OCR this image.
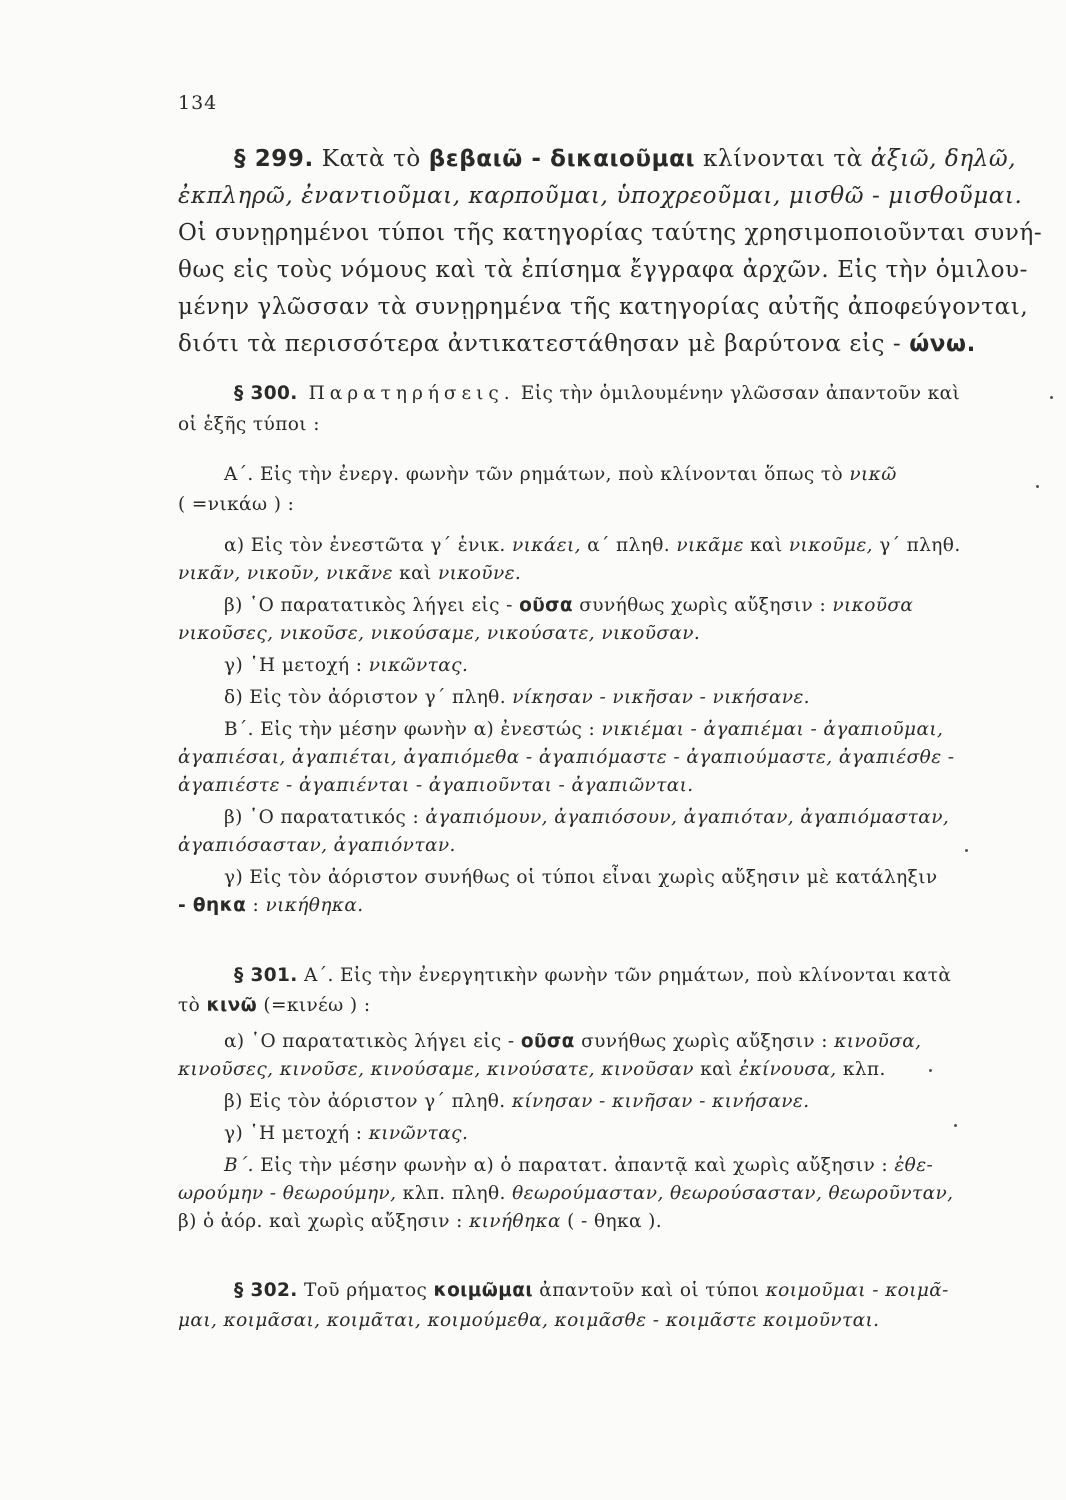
134
§ 299. Κατὰ τὸ βεβαιῶ - δικαιοῦμαι κλίνονται τὰ ἀξιῶ, δηλῶ,
ἐκπληρῶ, ἐναντιοῦμαι, καρποῦμαι, ὑποχρεοῦμαι, μισθῶ - μισθοῦμαι.
Οἱ συνῃρημένοι τύποι τῆς κατηγορίας ταύτης χρησιμοποιοῦνται συνή-
θως εἰς τοὺς νόμους καὶ τὰ ἐπίσημα ἔγγραφα ἀρχῶν. Εἰς τὴν ὁμιλου-
μένην γλῶσσαν τὰ συνῃρημένα τῆς κατηγορίας αὐτῆς ἀποφεύγονται,
διότι τὰ περισσότερα ἀντικατεστάθησαν μὲ βαρύτονα εἰς - ώνω.
§ 300. Παρατηρήσεις. Εἰς τὴν ὁμιλουμένην γλῶσσαν ἀπαντοῦν καὶ
οἱ ἑξῆς τύποι :
Α΄. Εἰς τὴν ἐνεργ. φωνὴν τῶν ρημάτων, ποὺ κλίνονται ὅπως τὸ νικῶ
( =νικάω ) :
α) Εἰς τὸν ἐνεστῶτα γ΄ ἑνικ. νικάει, α΄ πληθ. νικᾶμε καὶ νικοῦμε, γ΄ πληθ.
νικᾶν, νικοῦν, νικᾶνε καὶ νικοῦνε.
β) ῾Ο παρατατικὸς λήγει εἰς - οῦσα συνήθως χωρὶς αὔξησιν : νικοῦσα
νικοῦσες, νικοῦσε, νικούσαμε, νικούσατε, νικοῦσαν.
γ) ῾Η μετοχή : νικῶντας.
δ) Εἰς τὸν ἀόριστον γ΄ πληθ. νίκησαν - νικῆσαν - νικήσανε.
Β΄. Εἰς τὴν μέσην φωνὴν α) ἐνεστώς : νικιέμαι - ἀγαπιέμαι - ἀγαπιοῦμαι,
ἀγαπιέσαι, ἀγαπιέται, ἀγαπιόμεθα - ἀγαπιόμαστε - ἀγαπιούμαστε, ἀγαπιέσθε -
ἀγαπιέστε - ἀγαπιένται - ἀγαπιοῦνται - ἀγαπιῶνται.
β) ῾Ο παρατατικός : ἀγαπιόμουν, ἀγαπιόσουν, ἀγαπιόταν, ἀγαπιόμασταν,
ἀγαπιόσασταν, ἀγαπιόνταν.
γ) Εἰς τὸν ἀόριστον συνήθως οἱ τύποι εἶναι χωρὶς αὔξησιν μὲ κατάληξιν
- θηκα : νικήθηκα.
§ 301. Α΄. Εἰς τὴν ἐνεργητικὴν φωνὴν τῶν ρημάτων, ποὺ κλίνονται κατὰ
τὸ κινῶ (=κινέω ) :
α) ῾Ο παρατατικὸς λήγει εἰς - οῦσα συνήθως χωρὶς αὔξησιν : κινοῦσα,
κινοῦσες, κινοῦσε, κινούσαμε, κινούσατε, κινοῦσαν καὶ ἐκίνουσα, κλπ.
β) Εἰς τὸν ἀόριστον γ΄ πληθ. κίνησαν - κινῆσαν - κινήσανε.
γ) ῾Η μετοχή : κινῶντας.
Β΄. Εἰς τὴν μέσην φωνὴν α) ὁ παρατατ. ἀπαντᾷ καὶ χωρὶς αὔξησιν : ἐθε-
ωρούμην - θεωρούμην, κλπ. πληθ. θεωρούμασταν, θεωρούσασταν, θεωροῦνταν,
β) ὁ ἀόρ. καὶ χωρὶς αὔξησιν : κινήθηκα ( - θηκα ).
§ 302. Τοῦ ρήματος κοιμῶμαι ἀπαντοῦν καὶ οἱ τύποι κοιμοῦμαι - κοιμᾶ-
μαι, κοιμᾶσαι, κοιμᾶται, κοιμούμεθα, κοιμᾶσθε - κοιμᾶστε κοιμοῦνται.
